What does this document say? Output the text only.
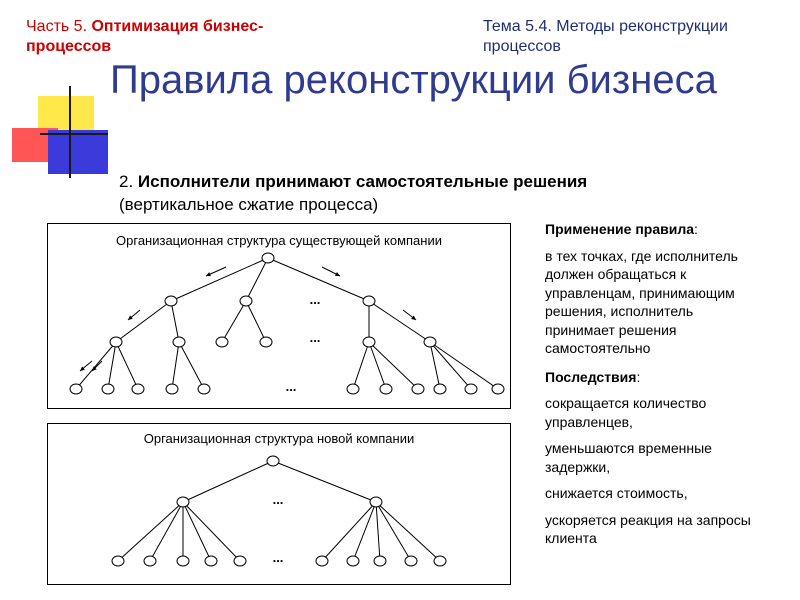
Часть 5. Оптимизация бизнес-процессов
Тема 5.4. Методы реконструкции процессов
Правила реконструкции бизнеса
2. Исполнители принимают самостоятельные решения
(вертикальное сжатие процесса)
Организационная структура существующей компании
...
...
...
Организационная структура новой компании
...
...
Применение правила:
в тех точках, где исполнитель должен обращаться к управленцам, принимающим решения, исполнитель принимает решения самостоятельно
Последствия:
сокращается количество управленцев,
уменьшаются временные задержки,
снижается стоимость,
ускоряется реакция на запросы клиента
